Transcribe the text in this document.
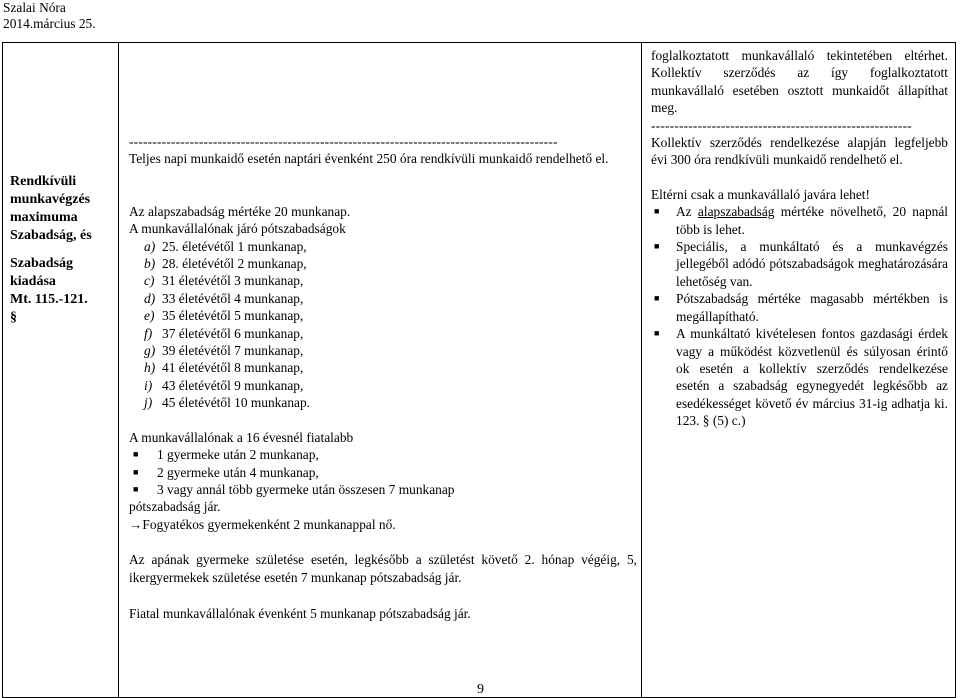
Szalai Nóra
2014.március 25.
Rendkívüli
munkavégzés
maximuma
Szabadság, és
Szabadság
kiadása
Mt. 115.-121.
§

--------------------------------------------------------------------------------------------
Teljes napi munkaidő esetén naptári évenként 250 óra rendkívüli munkaidő rendelhető el.
Az alapszabadság mértéke 20 munkanap.
A munkavállalónak járó pótszabadságok
a) 25. életévétől 1 munkanap,
b) 28. életévétől 2 munkanap,
c) 31 életévétől 3 munkanap,
d) 33 életévétől 4 munkanap,
e) 35 életévétől 5 munkanap,
f) 37 életévétől 6 munkanap,
g) 39 életévétől 7 munkanap,
h) 41 életévétől 8 munkanap,
i) 43 életévétől 9 munkanap,
j) 45 életévétől 10 munkanap.
A munkavállalónak a 16 évesnél fiatalabb
■	1 gyermeke után 2 munkanap,
■	2 gyermeke után 4 munkanap,
■	3 vagy annál több gyermeke után összesen 7 munkanap
pótszabadság jár.
→Fogyatékos gyermekenként 2 munkanappal nő.
Az apának gyermeke születése esetén, legkésőbb a születést követő 2. hónap végéig, 5, ikergyermekek születése esetén 7 munkanap pótszabadság jár.
Fiatal munkavállalónak évenként 5 munkanap pótszabadság jár.

foglalkoztatott munkavállaló tekintetében eltérhet. Kollektív szerződés az így foglalkoztatott munkavállaló esetében osztott munkaidőt állapíthat meg.
--------------------------------------------------------
Kollektív szerződés rendelkezése alapján legfeljebb évi 300 óra rendkívüli munkaidő rendelhető el.
Eltérni csak a munkavállaló javára lehet!
■	Az alapszabadság mértéke növelhető, 20 napnál több is lehet.
■	Speciális, a munkáltató és a munkavégzés jellegéből adódó pótszabadságok meghatározására lehetőség van.
■	Pótszabadság mértéke magasabb mértékben is megállapítható.
■	A munkáltató kivételesen fontos gazdasági érdek vagy a működést közvetlenül és súlyosan érintő ok esetén a kollektív szerződés rendelkezése esetén a szabadság egynegyedét legkésőbb az esedékességet követő év március 31-ig adhatja ki. 123. § (5) c.)
9
